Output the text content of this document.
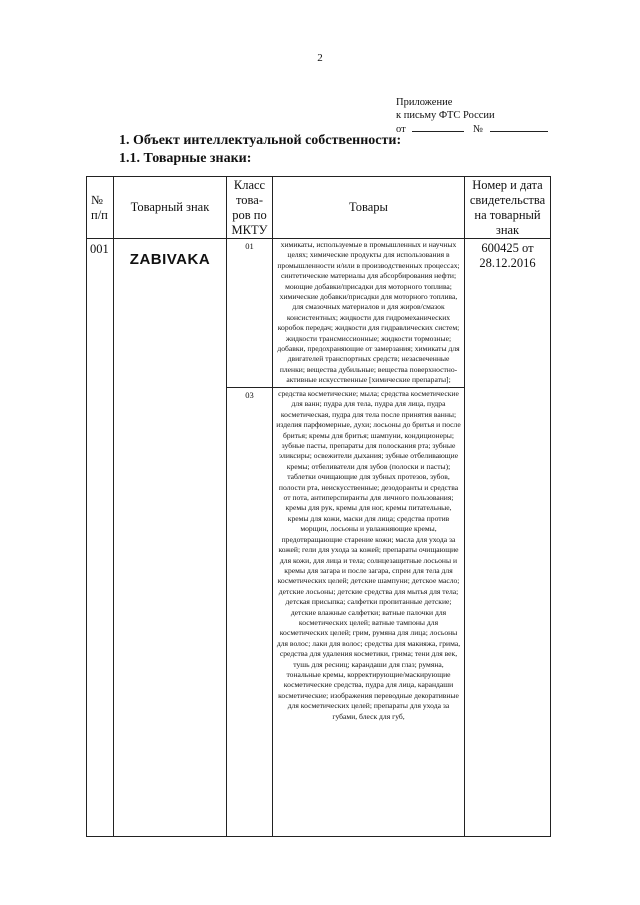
2
Приложение
к письму ФТС России
от	№
1. Объект интеллектуальной собственности:
1.1. Товарные знаки:
№ п/п	Товарный знак	Класс това-ров по МКТУ	Товары	Номер и дата свидетельства на товарный знак
001	ZABIVAKA	01	химикаты, используемые в промышленных и научных целях; химические продукты для использования в промышленности и/или в производственных процессах; синтетические материалы для абсорбирования нефти; моющие добавки/присадки для моторного топлива; химические добавки/присадки для моторного топлива, для смазочных материалов и для жиров/смазок консистентных; жидкости для гидромеханических коробок передач; жидкости для гидравлических систем; жидкости трансмиссионные; жидкости тормозные; добавки, предохраняющие от замерзания; химикаты для двигателей транспортных средств; незасвеченные пленки; вещества дубильные; вещества поверхностно-активные искусственные [химические препараты];	600425 от 28.12.2016
		03	средства косметические; мыла; средства косметические для ванн; пудра для тела, пудра для лица, пудра косметическая, пудра для тела после принятия ванны; изделия парфюмерные, духи; лосьоны до бритья и после бритья; кремы для бритья; шампуни, кондиционеры; зубные пасты, препараты для полоскания рта; зубные эликсиры; освежители дыхания; зубные отбеливающие кремы; отбеливатели для зубов (полоски и пасты); таблетки очищающие для зубных протезов, зубов, полости рта, неискусственные; дезодоранты и средства от пота, антиперспиранты для личного пользования; кремы для рук, кремы для ног, кремы питательные, кремы для кожи, маски для лица; средства против морщин, лосьоны и увлажняющие кремы, предотвращающие старение кожи; масла для ухода за кожей; гели для ухода за кожей; препараты очищающие для кожи, для лица и тела; солнцезащитные лосьоны и кремы для загара и после загара, спреи для тела для косметических целей; детские шампуни; детское масло; детские лосьоны; детские средства для мытья для тела; детская присыпка; салфетки пропитанные детские; детские влажные салфетки; ватные палочки для косметических целей; ватные тампоны для косметических целей; грим, румяна для лица; лосьоны для волос; лаки для волос; средства для макияжа, грима, средства для удаления косметики, грима; тени для век, тушь для ресниц; карандаши для глаз; румяна, тональные кремы, корректирующие/маскирующие косметические средства, пудра для лица, карандаши косметические; изображения переводные декоративные для косметических целей; препараты для ухода за губами, блеск для губ,	
